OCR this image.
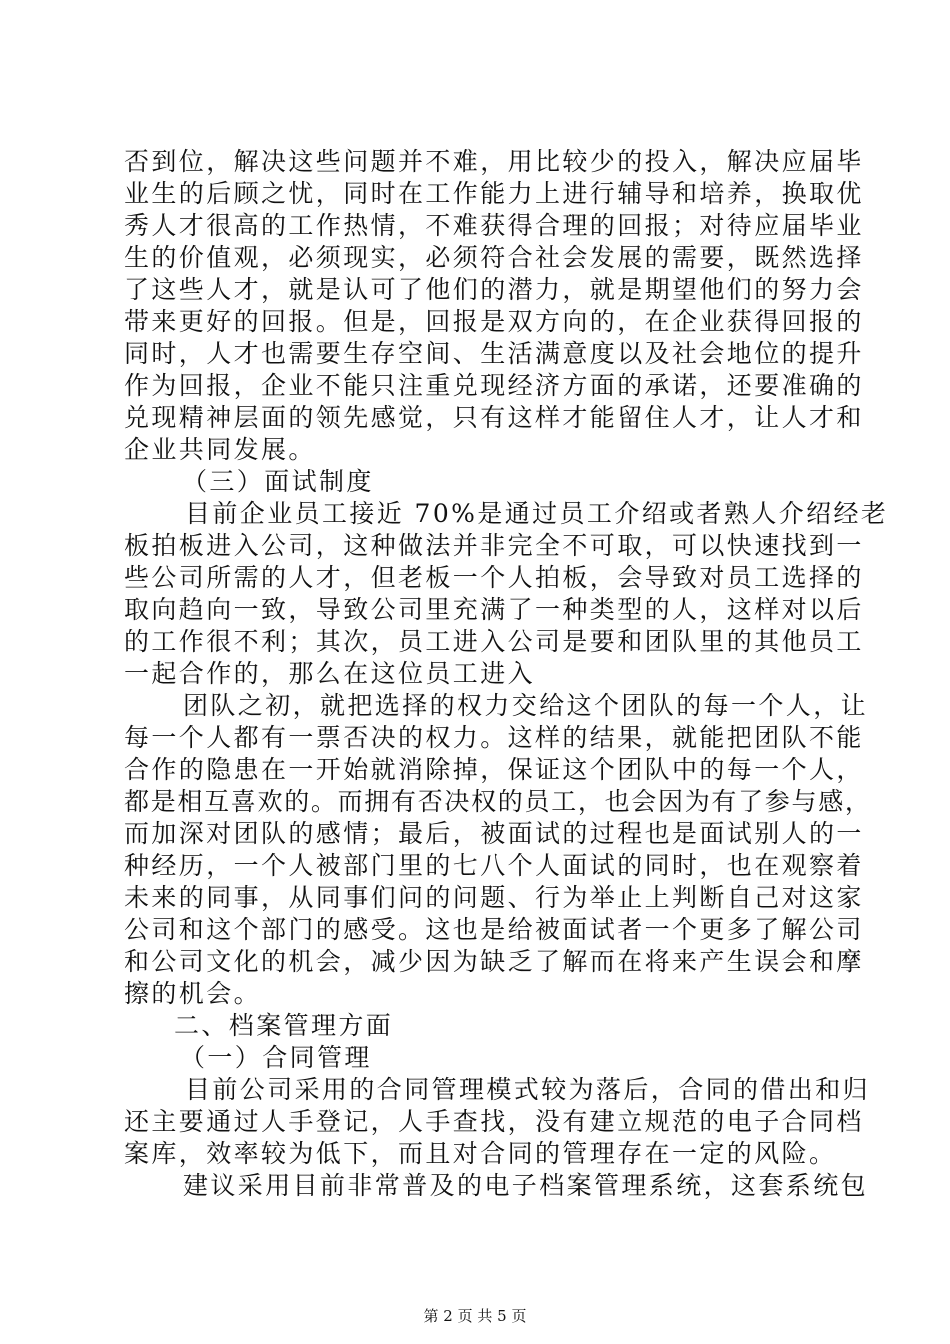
否到位，解决这些问题并不难，用比较少的投入，解决应届毕
业生的后顾之忧，同时在工作能力上进行辅导和培养，换取优
秀人才很高的工作热情，不难获得合理的回报；对待应届毕业
生的价值观，必须现实，必须符合社会发展的需要，既然选择
了这些人才，就是认可了他们的潜力，就是期望他们的努力会
带来更好的回报。但是，回报是双方向的，在企业获得回报的
同时，人才也需要生存空间、生活满意度以及社会地位的提升
作为回报，企业不能只注重兑现经济方面的承诺，还要准确的
兑现精神层面的领先感觉，只有这样才能留住人才，让人才和
企业共同发展。
（三）面试制度
目前企业员工接近 70%是通过员工介绍或者熟人介绍经老
板拍板进入公司，这种做法并非完全不可取，可以快速找到一
些公司所需的人才，但老板一个人拍板，会导致对员工选择的
取向趋向一致，导致公司里充满了一种类型的人，这样对以后
的工作很不利；其次，员工进入公司是要和团队里的其他员工
一起合作的，那么在这位员工进入
团队之初，就把选择的权力交给这个团队的每一个人，让
每一个人都有一票否决的权力。这样的结果，就能把团队不能
合作的隐患在一开始就消除掉，保证这个团队中的每一个人，
都是相互喜欢的。而拥有否决权的员工，也会因为有了参与感，
而加深对团队的感情；最后，被面试的过程也是面试别人的一
种经历，一个人被部门里的七八个人面试的同时，也在观察着
未来的同事，从同事们问的问题、行为举止上判断自己对这家
公司和这个部门的感受。这也是给被面试者一个更多了解公司
和公司文化的机会，减少因为缺乏了解而在将来产生误会和摩
擦的机会。
二、档案管理方面
（一）合同管理
目前公司采用的合同管理模式较为落后，合同的借出和归
还主要通过人手登记，人手查找，没有建立规范的电子合同档
案库，效率较为低下，而且对合同的管理存在一定的风险。
建议采用目前非常普及的电子档案管理系统，这套系统包
第 2 页 共 5 页
